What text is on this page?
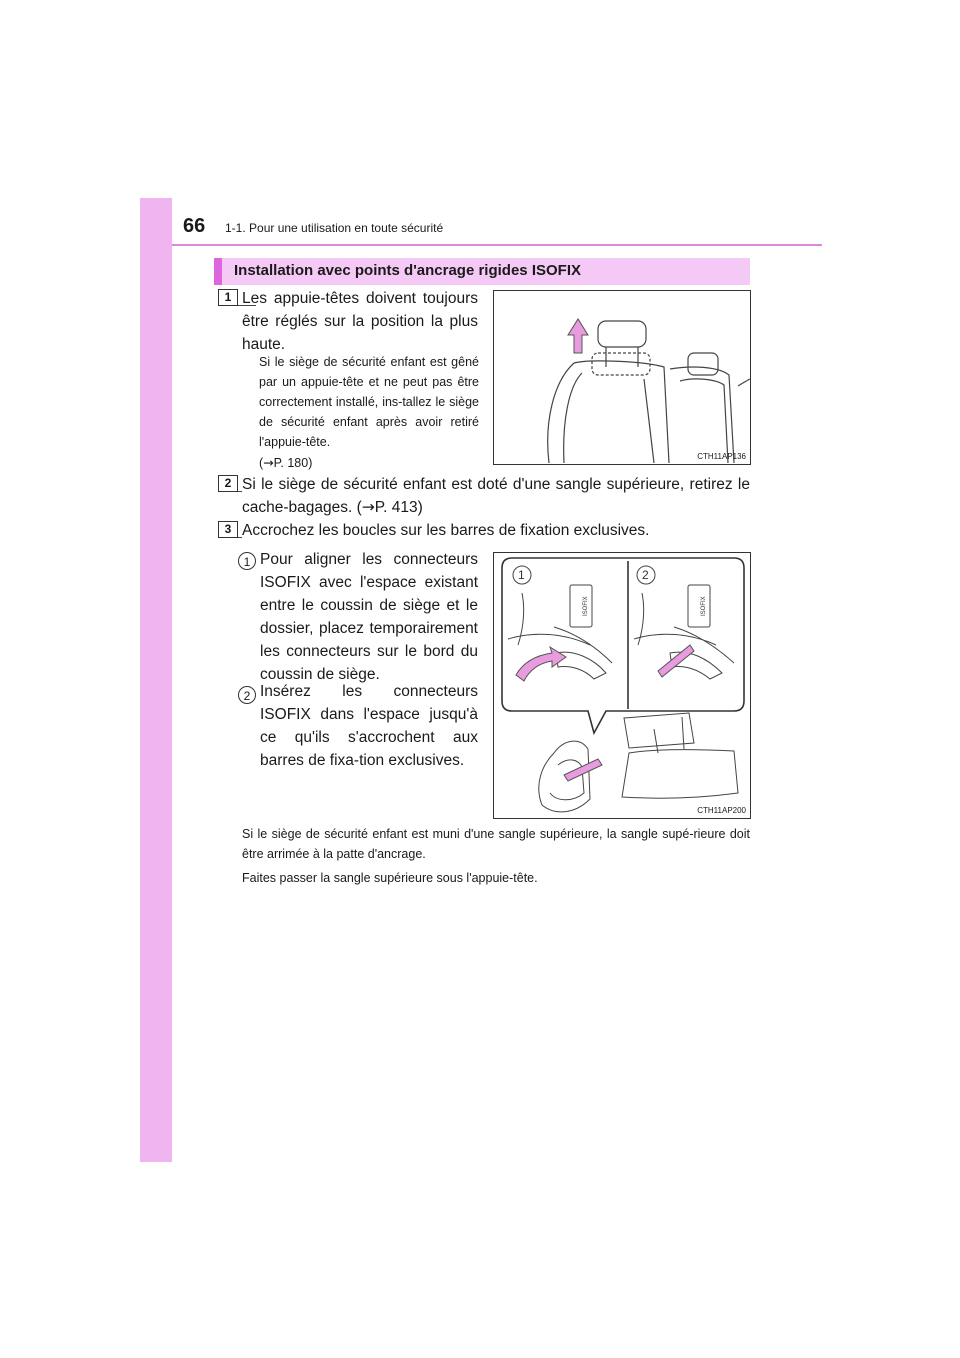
66 1-1. Pour une utilisation en toute sécurité
Installation avec points d'ancrage rigides ISOFIX
1 Les appuie-têtes doivent toujours être réglés sur la position la plus haute.

Si le siège de sécurité enfant est gêné par un appuie-tête et ne peut pas être correctement installé, ins-tallez le siège de sécurité enfant après avoir retiré l'appuie-tête.

(→P. 180)	CTH11AP136
2 Si le siège de sécurité enfant est doté d'une sangle supérieure, retirez le cache-bagages. (→P. 413)

3 Accrochez les boucles sur les barres de fixation exclusives.

1 Pour aligner les connecteurs ISOFIX avec l'espace existant entre le coussin de siège et le dossier, placez temporairement les connecteurs sur le bord du coussin de siège.

2 Insérez les connecteurs ISOFIX dans l'espace jusqu'à ce qu'ils s'accrochent aux barres de fixa-tion exclusives.

1	2
ISOFIX	ISOFIX
CTH11AP200

Si le siège de sécurité enfant est muni d'une sangle supérieure, la sangle supé-rieure doit être arrimée à la patte d'ancrage.

Faites passer la sangle supérieure sous l'appuie-tête.
